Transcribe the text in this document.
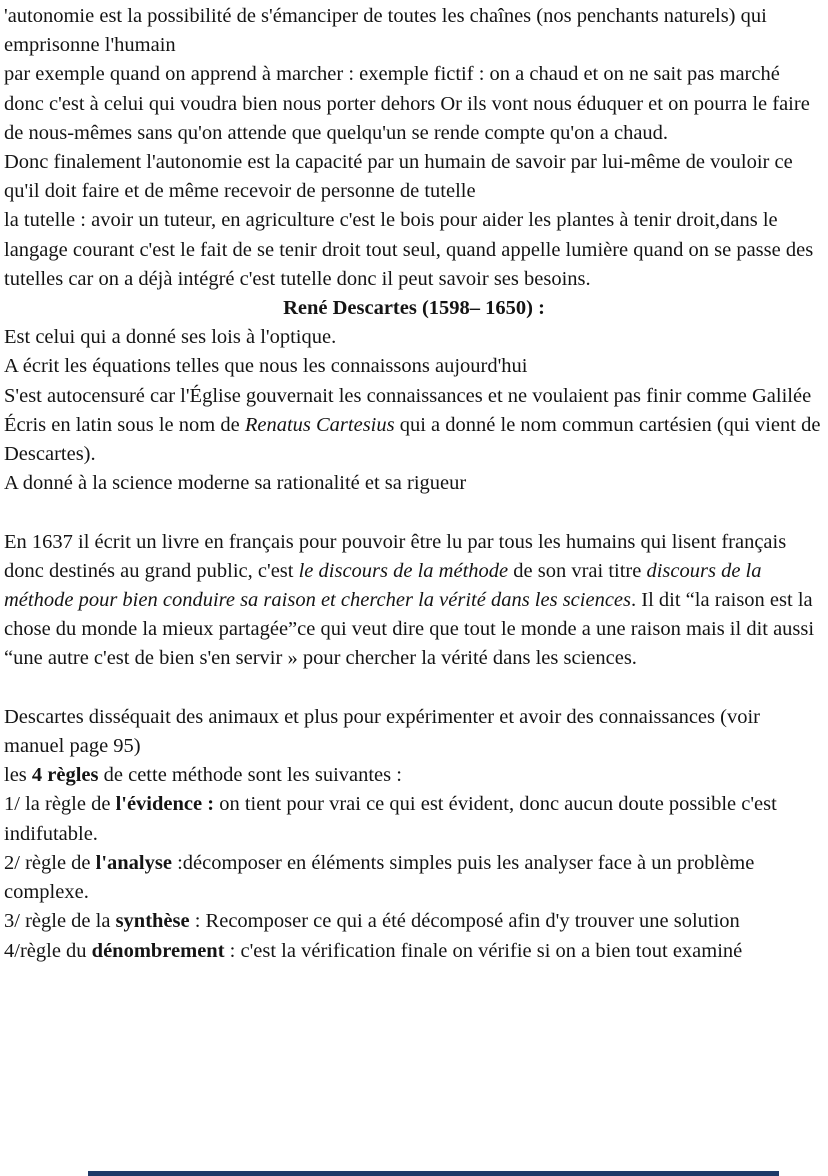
'autonomie est la possibilité de s'émanciper de toutes les chaînes (nos penchants naturels) qui emprisonne l'humain

par exemple quand on apprend à marcher : exemple fictif : on a chaud et on ne sait pas marché donc c'est à celui qui voudra bien nous porter dehors Or ils vont nous éduquer et on pourra le faire de nous-mêmes sans qu'on attende que quelqu'un se rende compte qu'on a chaud.

Donc finalement l'autonomie est la capacité par un humain de savoir par lui-même de vouloir ce qu'il doit faire et de même recevoir de personne de tutelle

la tutelle : avoir un tuteur, en agriculture c'est le bois pour aider les plantes à tenir droit,dans le langage courant c'est le fait de se tenir droit tout seul, quand appelle lumière quand on se passe des tutelles car on a déjà intégré c'est tutelle donc il peut savoir ses besoins.

René Descartes (1598– 1650) :

Est celui qui a donné ses lois à l'optique.

A écrit les équations telles que nous les connaissons aujourd'hui

S'est autocensuré car l'Église gouvernait les connaissances et ne voulaient pas finir comme Galilée

Écris en latin sous le nom de Renatus Cartesius qui a donné le nom commun cartésien (qui vient de Descartes).

A donné à la science moderne sa rationalité et sa rigueur

En 1637 il écrit un livre en français pour pouvoir être lu par tous les humains qui lisent français donc destinés au grand public, c'est le discours de la méthode de son vrai titre discours de la méthode pour bien conduire sa raison et chercher la vérité dans les sciences. Il dit “la raison est la chose du monde la mieux partagée”ce qui veut dire que tout le monde a une raison mais il dit aussi “une autre c'est de bien s'en servir » pour chercher la vérité dans les sciences.

Descartes disséquait des animaux et plus pour expérimenter et avoir des connaissances (voir manuel page 95)

les 4 règles de cette méthode sont les suivantes :

1/ la règle de l'évidence : on tient pour vrai ce qui est évident, donc aucun doute possible c'est indifutable.

2/ règle de l'analyse :décomposer en éléments simples puis les analyser face à un problème complexe.

3/ règle de la synthèse : Recomposer ce qui a été décomposé afin d'y trouver une solution

4/règle du dénombrement : c'est la vérification finale on vérifie si on a bien tout examiné
